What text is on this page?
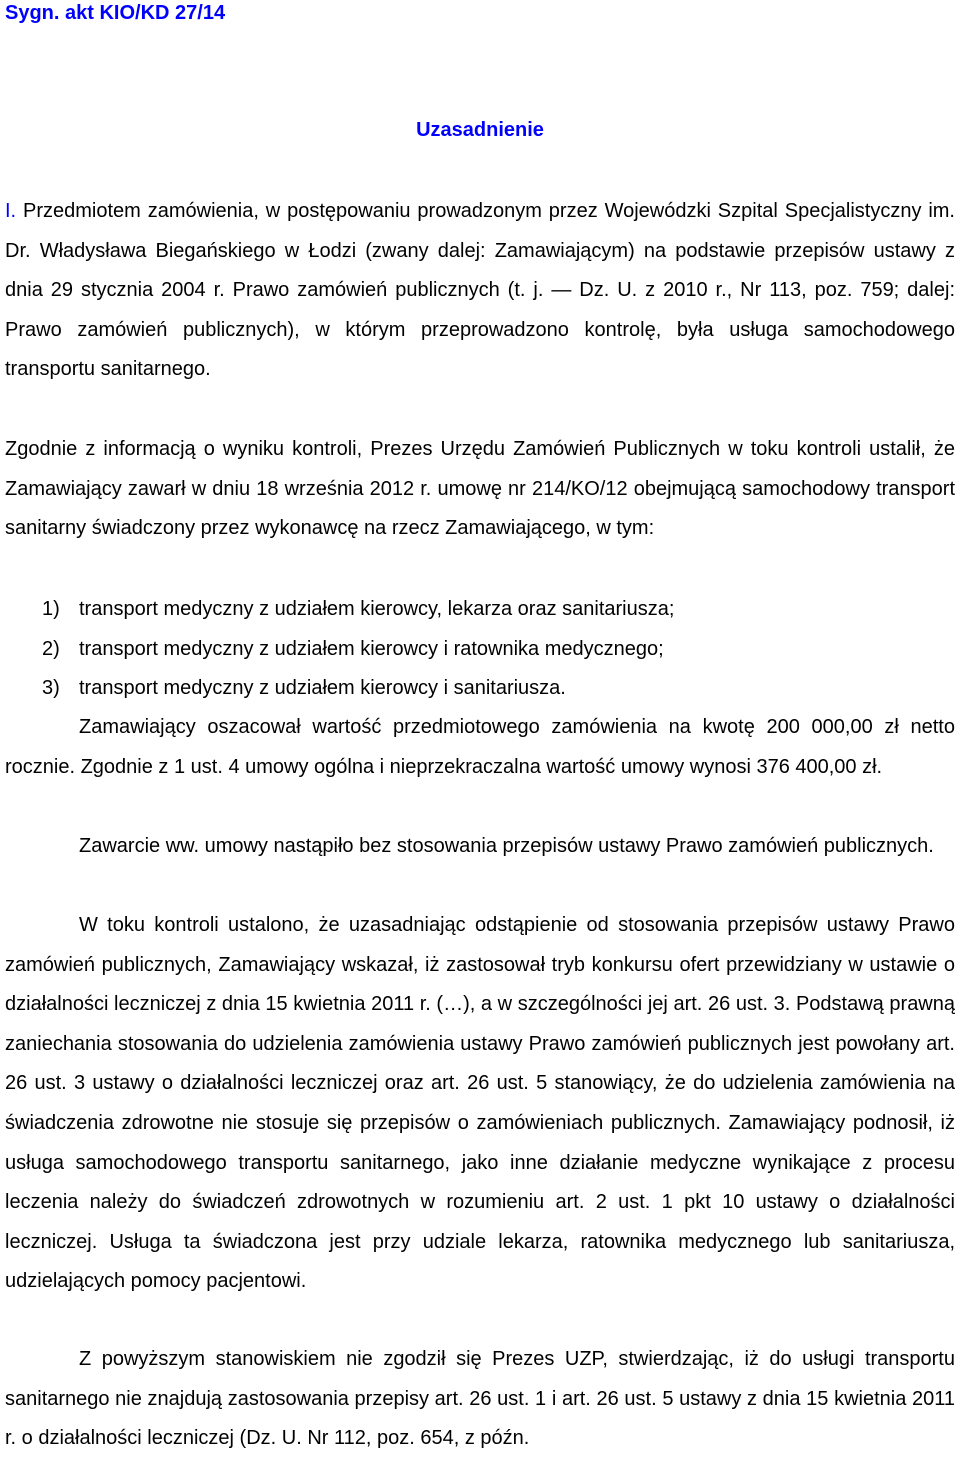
Sygn. akt KIO/KD 27/14
Uzasadnienie
I. Przedmiotem zamówienia, w postępowaniu prowadzonym przez Wojewódzki Szpital Specjalistyczny im. Dr. Władysława Biegańskiego w Łodzi (zwany dalej: Zamawiającym) na podstawie przepisów ustawy z dnia 29 stycznia 2004 r. Prawo zamówień publicznych (t. j. — Dz. U. z 2010 r., Nr 113, poz. 759; dalej: Prawo zamówień publicznych), w którym przeprowadzono kontrolę, była usługa samochodowego transportu sanitarnego.
Zgodnie z informacją o wyniku kontroli, Prezes Urzędu Zamówień Publicznych w toku kontroli ustalił, że Zamawiający zawarł w dniu 18 września 2012 r. umowę nr 214/KO/12 obejmującą samochodowy transport sanitarny świadczony przez wykonawcę na rzecz Zamawiającego, w tym:
1) transport medyczny z udziałem kierowcy, lekarza oraz sanitariusza;
2) transport medyczny z udziałem kierowcy i ratownika medycznego;
3) transport medyczny z udziałem kierowcy i sanitariusza.
Zamawiający oszacował wartość przedmiotowego zamówienia na kwotę 200 000,00 zł netto rocznie. Zgodnie z 1 ust. 4 umowy ogólna i nieprzekraczalna wartość umowy wynosi 376 400,00 zł.
Zawarcie ww. umowy nastąpiło bez stosowania przepisów ustawy Prawo zamówień publicznych.
W toku kontroli ustalono, że uzasadniając odstąpienie od stosowania przepisów ustawy Prawo zamówień publicznych, Zamawiający wskazał, iż zastosował tryb konkursu ofert przewidziany w ustawie o działalności leczniczej z dnia 15 kwietnia 2011 r. (…), a w szczególności jej art. 26 ust. 3. Podstawą prawną zaniechania stosowania do udzielenia zamówienia ustawy Prawo zamówień publicznych jest powołany art. 26 ust. 3 ustawy o działalności leczniczej oraz art. 26 ust. 5 stanowiący, że do udzielenia zamówienia na świadczenia zdrowotne nie stosuje się przepisów o zamówieniach publicznych. Zamawiający podnosił, iż usługa samochodowego transportu sanitarnego, jako inne działanie medyczne wynikające z procesu leczenia należy do świadczeń zdrowotnych w rozumieniu art. 2 ust. 1 pkt 10 ustawy o działalności leczniczej. Usługa ta świadczona jest przy udziale lekarza, ratownika medycznego lub sanitariusza, udzielających pomocy pacjentowi.
Z powyższym stanowiskiem nie zgodził się Prezes UZP, stwierdzając, iż do usługi transportu sanitarnego nie znajdują zastosowania przepisy art. 26 ust. 1 i art. 26 ust. 5 ustawy z dnia 15 kwietnia 2011 r. o działalności leczniczej (Dz. U. Nr 112, poz. 654, z późn.
